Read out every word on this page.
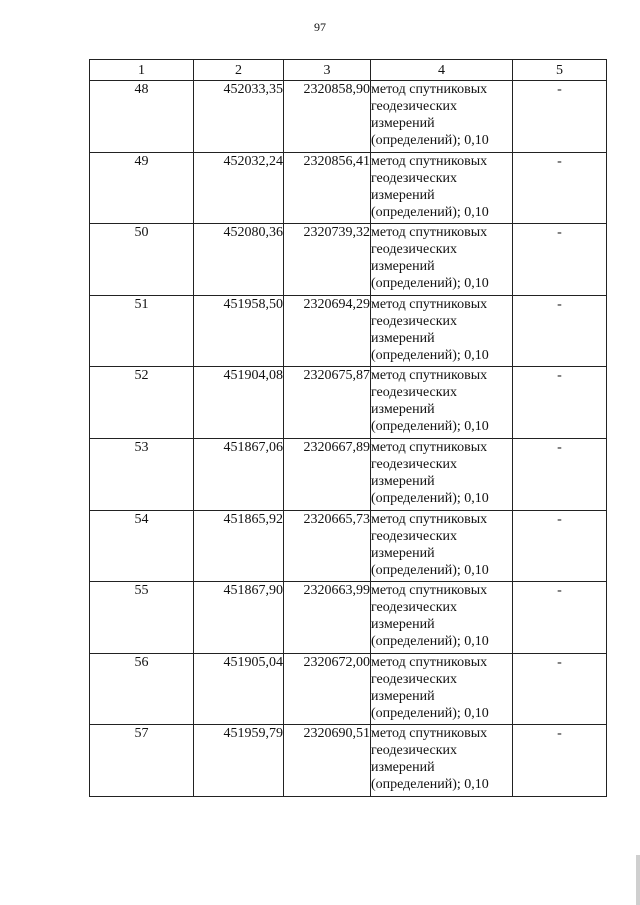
97
1	2	3	4	5
48	452033,35	2320858,90	метод спутниковых
геодезических
измерений
(определений); 0,10	-
49	452032,24	2320856,41	метод спутниковых
геодезических
измерений
(определений); 0,10	-
50	452080,36	2320739,32	метод спутниковых
геодезических
измерений
(определений); 0,10	-
51	451958,50	2320694,29	метод спутниковых
геодезических
измерений
(определений); 0,10	-
52	451904,08	2320675,87	метод спутниковых
геодезических
измерений
(определений); 0,10	-
53	451867,06	2320667,89	метод спутниковых
геодезических
измерений
(определений); 0,10	-
54	451865,92	2320665,73	метод спутниковых
геодезических
измерений
(определений); 0,10	-
55	451867,90	2320663,99	метод спутниковых
геодезических
измерений
(определений); 0,10	-
56	451905,04	2320672,00	метод спутниковых
геодезических
измерений
(определений); 0,10	-
57	451959,79	2320690,51	метод спутниковых
геодезических
измерений
(определений); 0,10	-
